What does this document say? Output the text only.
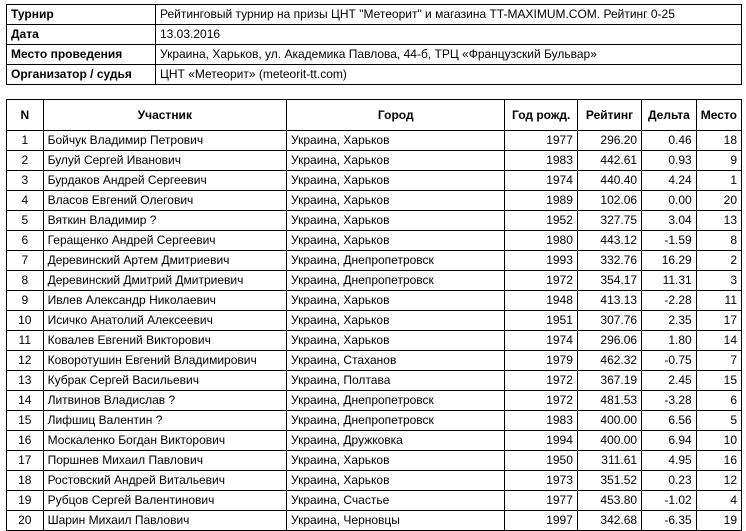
Турнир	Рейтинговый турнир на призы ЦНТ "Метеорит" и магазина TT-MAXIMUM.COM. Рейтинг 0-25
Дата	13.03.2016
Место проведения	Украина, Харьков, ул. Академика Павлова, 44-б, ТРЦ «Французский Бульвар»
Организатор / судья	ЦНТ «Метеорит» (meteorit-tt.com)
N	Участник	Город	Год рожд.	Рейтинг	Дельта	Место
1	Бойчук Владимир Петрович	Украина, Харьков	1977	296.20	0.46	18
2	Булуй Сергей Иванович	Украина, Харьков	1983	442.61	0.93	9
3	Бурдаков Андрей Сергеевич	Украина, Харьков	1974	440.40	4.24	1
4	Власов Евгений Олегович	Украина, Харьков	1989	102.06	0.00	20
5	Вяткин Владимир ?	Украина, Харьков	1952	327.75	3.04	13
6	Геращенко Андрей Сергеевич	Украина, Харьков	1980	443.12	-1.59	8
7	Деревинский Артем Дмитриевич	Украина, Днепропетровск	1993	332.76	16.29	2
8	Деревинский Дмитрий Дмитриевич	Украина, Днепропетровск	1972	354.17	11.31	3
9	Ивлев Александр Николаевич	Украина, Харьков	1948	413.13	-2.28	11
10	Исичко Анатолий Алексеевич	Украина, Харьков	1951	307.76	2.35	17
11	Ковалев Евгений Викторович	Украина, Харьков	1974	296.06	1.80	14
12	Коворотушин Евгений Владимирович	Украина, Стаханов	1979	462.32	-0.75	7
13	Кубрак Сергей Васильевич	Украина, Полтава	1972	367.19	2.45	15
14	Литвинов Владислав ?	Украина, Днепропетровск	1972	481.53	-3.28	6
15	Лифшиц Валентин ?	Украина, Днепропетровск	1983	400.00	6.56	5
16	Москаленко Богдан Викторович	Украина, Дружковка	1994	400.00	6.94	10
17	Поршнев Михаил Павлович	Украина, Харьков	1950	311.61	4.95	16
18	Ростовский Андрей Витальевич	Украина, Харьков	1973	351.52	0.23	12
19	Рубцов Сергей Валентинович	Украина, Счастье	1977	453.80	-1.02	4
20	Шарин Михаил Павлович	Украина, Черновцы	1997	342.68	-6.35	19
